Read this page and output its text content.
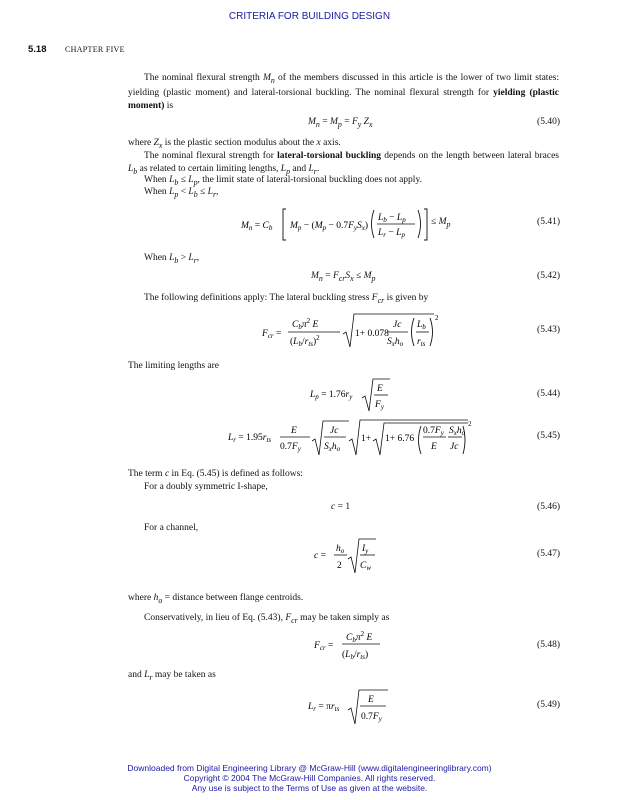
CRITERIA FOR BUILDING DESIGN
5.18 CHAPTER FIVE
The nominal flexural strength $M_n$ of the members discussed in this article is the lower of two limit states: yielding (plastic moment) and lateral-torsional buckling. The nominal flexural strength for yielding (plastic moment) is
$M_n = M_p = F_y$ $Z_x$	(5.40)
where $Z_x$ is the plastic section modulus about the x axis.
The nominal flexural strength for lateral-torsional buckling depends on the length between lateral braces $L_b$ as related to certain limiting lengths, $L_p$ and $L_r$.
When $L_b \le L_p$, the limit state of lateral-torsional buckling does not apply.
When $L_p < L_b \le L_r$,
$M_n = C_b$ $M_p - (M_p - 0.7F_yS_x)$
$L_b - L_p$
$L_r - L_p$
≤ $M_p$	(5.41)
When $L_b > L_r$,
$M_n = F_{cr}S_x \le M_p$	(5.42)
The following definitions apply: The lateral buckling stress $F_{cr}$ is given by
$F_{cr}$ =
$C_b\pi^2$ E
$(L_b/r_{ts})^2$	1+ 0.078
Jc
$S_xh_o$
$L_b$
$r_{ts}$
2
(5.43)
The limiting lengths are
$L_p = 1.76r_y$
E
$F_y$
(5.44)
$L_r = 1.95r_{ts}$
E
$0.7F_y$
Jc
$S_xh_o$
1+ 1+ 6.76
$0.7F_y$
E
$S_xh_o$
Jc
2
(5.45)
The term c in Eq. (5.45) is defined as follows:
For a doubly symmetric I-shape,
c = 1	(5.46)
For a channel,
c =
$h_o$
2
$I_y$
$C_w$
(5.47)
where $h_o$ = distance between flange centroids.
Conservatively, in lieu of Eq. (5.43), $F_{cr}$ may be taken simply as
$F_{cr}$ =
$C_b\pi^2$ E
$(L_b/r_{ts})$
(5.48)
and $L_r$ may be taken as
$L_r = \pi r_{ts}$
E
$0.7F_y$
(5.49)
Downloaded from Digital Engineering Library @ McGraw-Hill (www.digitalengineeringlibrary.com)
Copyright © 2004 The McGraw-Hill Companies. All rights reserved.
Any use is subject to the Terms of Use as given at the website.
